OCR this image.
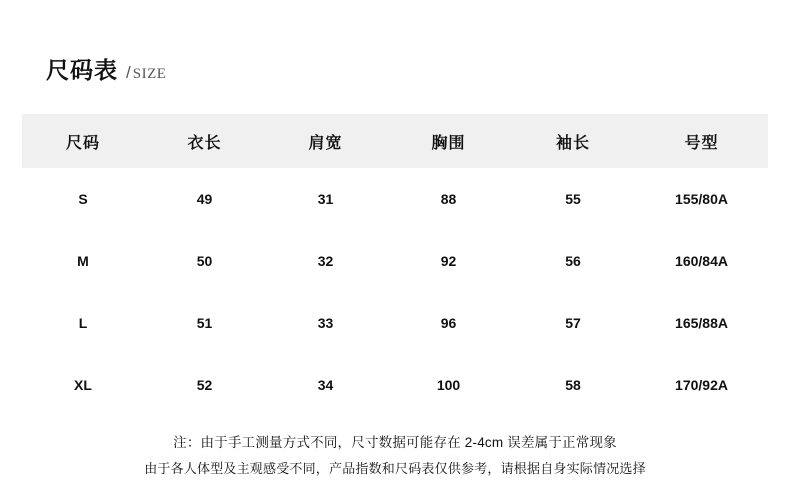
尺码表 / SIZE
尺码	衣长	肩宽	胸围	袖长	号型
S	49	31	88	55	155/80A
M	50	32	92	56	160/84A
L	51	33	96	57	165/88A
XL	52	34	100	58	170/92A
注：由于手工测量方式不同，尺寸数据可能存在 2-4cm 误差属于正常现象
由于各人体型及主观感受不同，产品指数和尺码表仅供参考，请根据自身实际情况选择
